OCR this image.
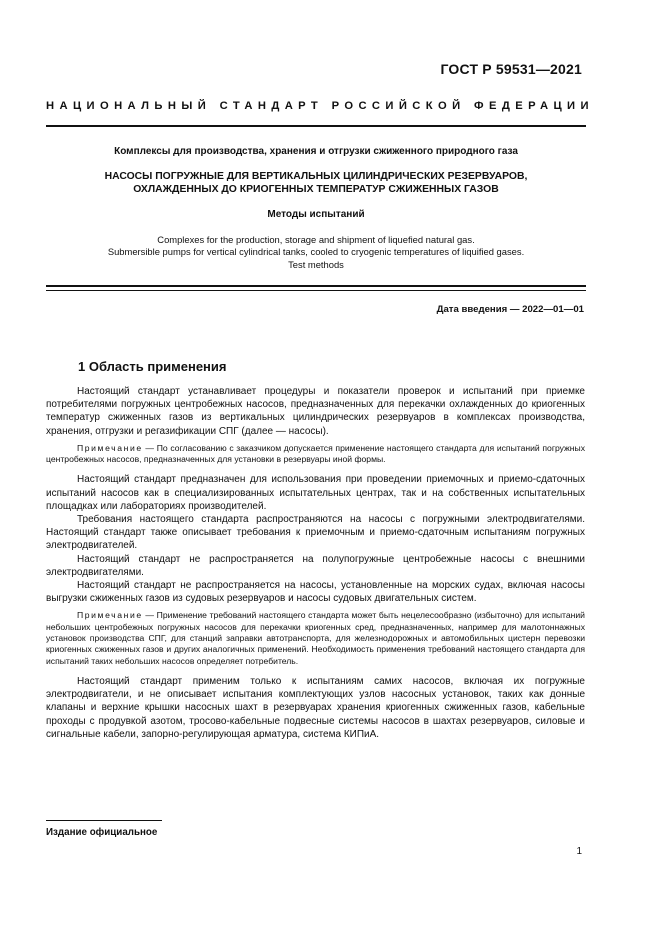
ГОСТ Р 59531—2021
НАЦИОНАЛЬНЫЙ СТАНДАРТ РОССИЙСКОЙ ФЕДЕРАЦИИ
Комплексы для производства, хранения и отгрузки сжиженного природного газа
НАСОСЫ ПОГРУЖНЫЕ ДЛЯ ВЕРТИКАЛЬНЫХ ЦИЛИНДРИЧЕСКИХ РЕЗЕРВУАРОВ,
ОХЛАЖДЕННЫХ ДО КРИОГЕННЫХ ТЕМПЕРАТУР СЖИЖЕННЫХ ГАЗОВ
Методы испытаний
Complexes for the production, storage and shipment of liquefied natural gas.
Submersible pumps for vertical cylindrical tanks, cooled to cryogenic temperatures of liquified gases.
Test methods
Дата введения — 2022—01—01
1 Область применения

Настоящий стандарт устанавливает процедуры и показатели проверок и испытаний при приемке потребителями погружных центробежных насосов, предназначенных для перекачки охлажденных до криогенных температур сжиженных газов из вертикальных цилиндрических резервуаров в комплексах производства, хранения, отгрузки и регазификации СПГ (далее — насосы).

Примечание — По согласованию с заказчиком допускается применение настоящего стандарта для испытаний погружных центробежных насосов, предназначенных для установки в резервуары иной формы.

Настоящий стандарт предназначен для использования при проведении приемочных и приемо-сдаточных испытаний насосов как в специализированных испытательных центрах, так и на собственных испытательных площадках или лабораториях производителей.

Требования настоящего стандарта распространяются на насосы с погружными электродвигателями. Настоящий стандарт также описывает требования к приемочным и приемо-сдаточным испытаниям погружных электродвигателей.

Настоящий стандарт не распространяется на полупогружные центробежные насосы с внешними электродвигателями.

Настоящий стандарт не распространяется на насосы, установленные на морских судах, включая насосы выгрузки сжиженных газов из судовых резервуаров и насосы судовых двигательных систем.

Примечание — Применение требований настоящего стандарта может быть нецелесообразно (избыточно) для испытаний небольших центробежных погружных насосов для перекачки криогенных сред, предназначенных, например для малотоннажных установок производства СПГ, для станций заправки автотранспорта, для железнодорожных и автомобильных цистерн перевозки криогенных сжиженных газов и других аналогичных применений. Необходимость применения требований настоящего стандарта для испытаний таких небольших насосов определяет потребитель.

Настоящий стандарт применим только к испытаниям самих насосов, включая их погружные электродвигатели, и не описывает испытания комплектующих узлов насосных установок, таких как донные клапаны и верхние крышки насосных шахт в резервуарах хранения криогенных сжиженных газов, кабельные проходы с продувкой азотом, тросово-кабельные подвесные системы насосов в шахтах резервуаров, силовые и сигнальные кабели, запорно-регулирующая арматура, система КИПиА.

Издание официальное
1
